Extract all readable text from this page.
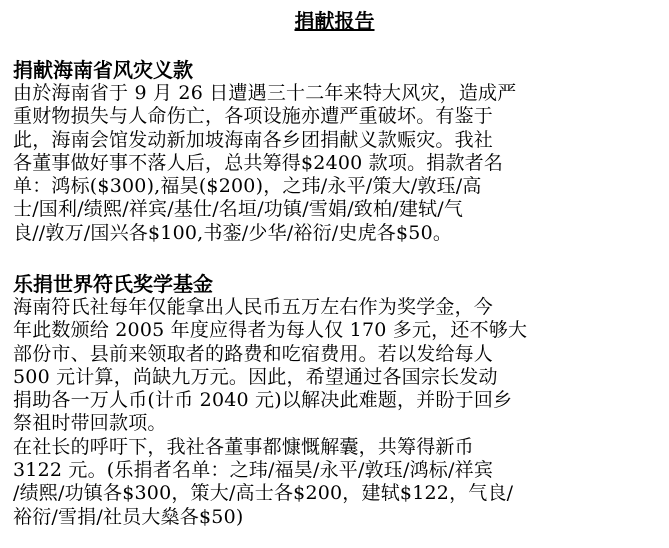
捐献报告

捐献海南省风灾义款

由於海南省于 9 月 26 日遭遇三十二年来特大风灾，造成严

重财物损失与人命伤亡，各项设施亦遭严重破坏。有鉴于

此，海南会馆发动新加坡海南各乡团捐献义款赈灾。我社

各董事做好事不落人后，总共筹得$2400 款项。捐款者名

单：鸿标($300),福昊($200)，之玮/永平/策大/敦珏/高

士/国利/绩熙/祥宾/基仕/名垣/功镇/雪娟/致柏/建轼/气

良//敦万/国兴各$100,书銮/少华/裕衍/史虎各$50。

乐捐世界符氏奖学基金

海南符氏社每年仅能拿出人民币五万左右作为奖学金，今

年此数颁给 2005 年度应得者为每人仅 170 多元，还不够大

部份市、县前来领取者的路费和吃宿费用。若以发给每人

500 元计算，尚缺九万元。因此，希望通过各国宗长发动

捐助各一万人币(计币 2040 元)以解决此难题，并盼于回乡

祭祖时带回款项。

在社长的呼吁下，我社各董事都慷慨解囊，共筹得新币

3122 元。(乐捐者名单：之玮/福昊/永平/敦珏/鸿标/祥宾

/绩熙/功镇各$300，策大/高士各$200，建轼$122，气良/

裕衍/雪捐/社员大燊各$50)
